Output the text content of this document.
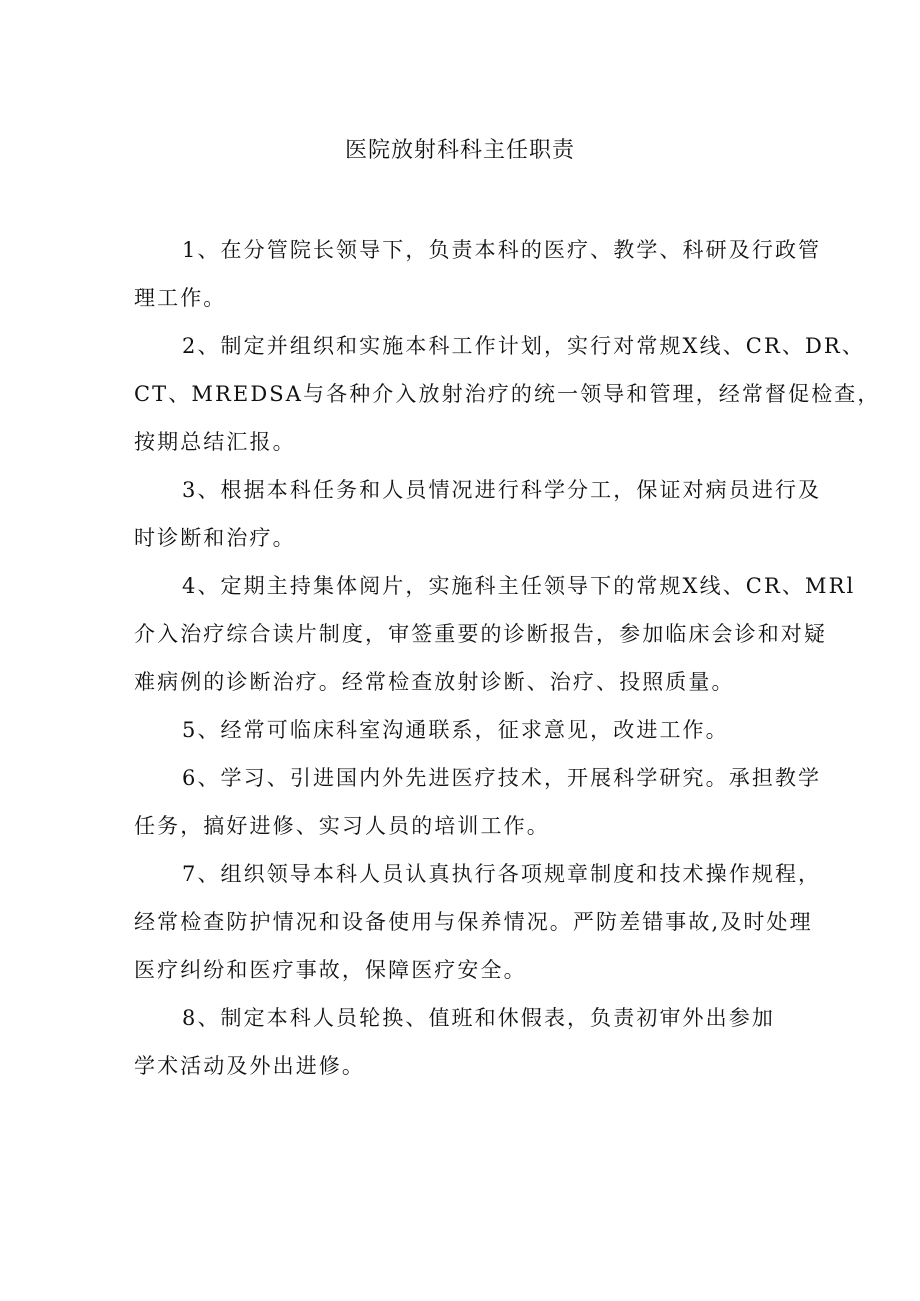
医院放射科科主任职责

1、在分管院长领导下，负责本科的医疗、教学、科研及行政管
理工作。

2、制定并组织和实施本科工作计划，实行对常规X线、CR、DR、
CT、MREDSA与各种介入放射治疗的统一领导和管理，经常督促检查，
按期总结汇报。

3、根据本科任务和人员情况进行科学分工，保证对病员进行及
时诊断和治疗。

4、定期主持集体阅片，实施科主任领导下的常规X线、CR、MRl
介入治疗综合读片制度，审签重要的诊断报告，参加临床会诊和对疑
难病例的诊断治疗。经常检查放射诊断、治疗、投照质量。

5、经常可临床科室沟通联系，征求意见，改进工作。

6、学习、引进国内外先进医疗技术，开展科学研究。承担教学
任务，搞好进修、实习人员的培训工作。

7、组织领导本科人员认真执行各项规章制度和技术操作规程，
经常检查防护情况和设备使用与保养情况。严防差错事故,及时处理
医疗纠纷和医疗事故，保障医疗安全。

8、制定本科人员轮换、值班和休假表，负责初审外出参加
学术活动及外出进修。
